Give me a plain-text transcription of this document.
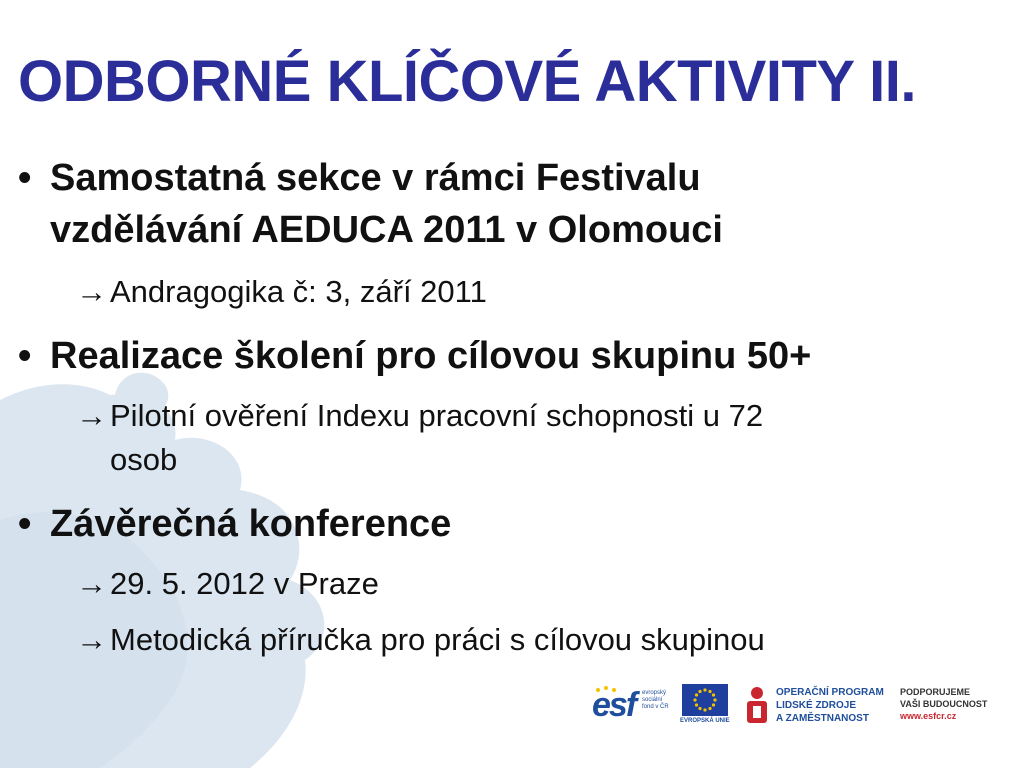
ODBORNÉ KLÍČOVÉ AKTIVITY II.
• Samostatná sekce v rámci Festivalu
vzdělávání AEDUCA 2011 v Olomouci
→Andragogika č: 3, září 2011
• Realizace školení pro cílovou skupinu 50+
→Pilotní ověření Indexu pracovní schopnosti u 72
osob
• Závěrečná konference
→29. 5. 2012 v Praze
→Metodická příručka pro práci s cílovou skupinou
esf evropský
sociální
fond v ČR
EVROPSKÁ UNIE
OPERAČNÍ PROGRAM
LIDSKÉ ZDROJE
A ZAMĚSTNANOST
PODPORUJEME
VAŠI BUDOUCNOST
www.esfcr.cz
